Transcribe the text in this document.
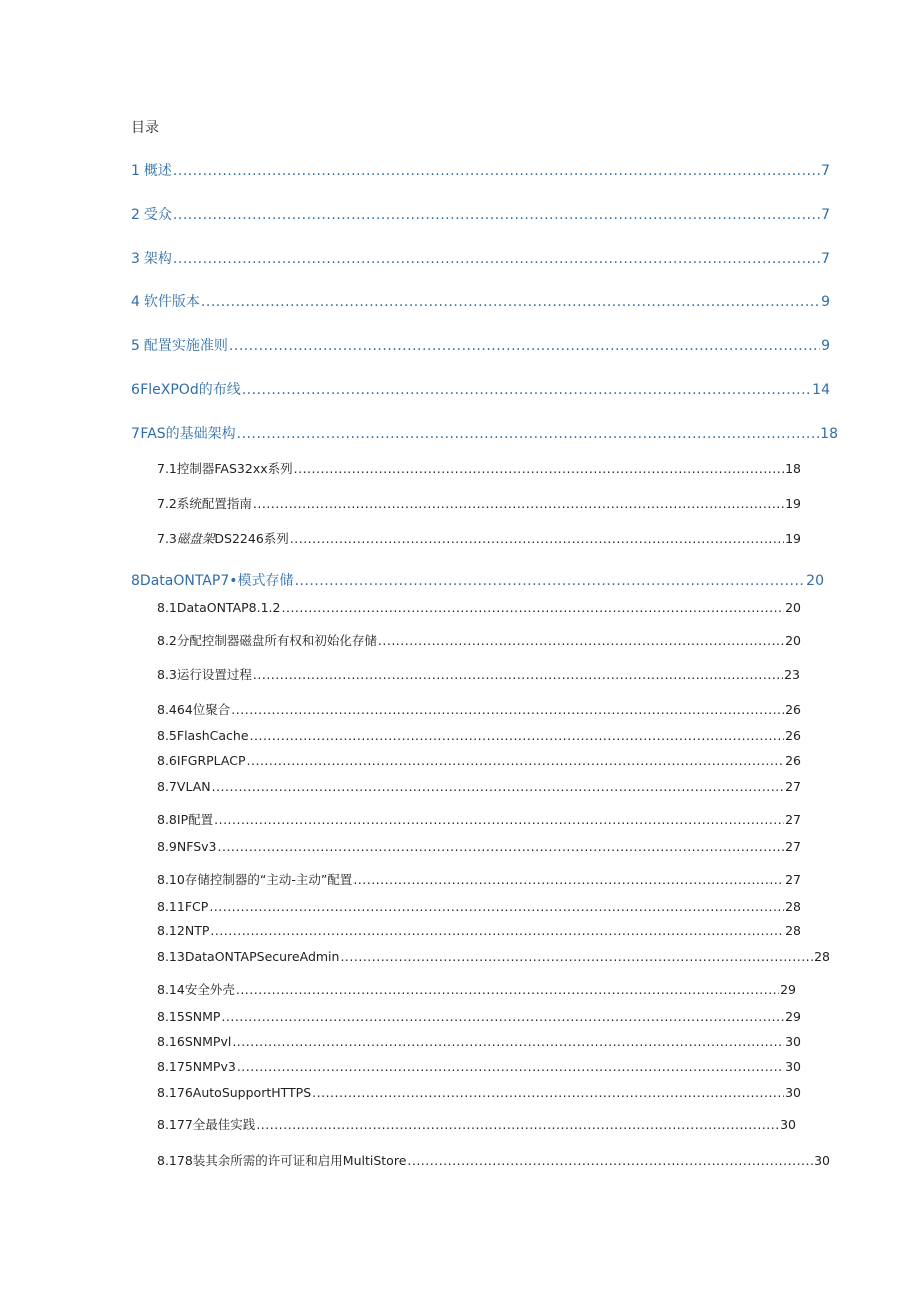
目录
1 概述 .....	7
2 受众 .....	7
3 架构 .....	7
4 软件版本 .....	9
5 配置实施准则 .....	9
6 FleXPOd的布线 .....	14
7 FAS的基础架构 .....	18
7.1 控制器FAS32xx系列 .....	18
7.2 系统配置指南 .....	19
7.3 磁盘架 DS2246系列 .....	19
8 DataONTAP7•模式存储 .....	20
8.1 DataONTAP8.1.2 .....	20
8.2 分配控制器磁盘所有权和初始化存储 .....	20
8.3 运行设置过程 .....	23
8.4 64位聚合 .....	26
8.5 FlashCache .....	26
8.6 IFGRPLACP .....	26
8.7 VLAN .....	27
8.8 IP配置 .....	27
8.9 NFSv3 .....	27
8.10 存储控制器的“主动-主动”配置 .....	27
8.11 FCP .....	28
8.12 NTP .....	28
8.13 DataONTAPSecureAdmin .....	28
8.14 安全外壳 .....	29
8.15 SNMP .....	29
8.16 SNMPvl .....	30
8.175 NMPv3 .....	30
8.176 AutoSupportHTTPS .....	30
8.177 全最佳实践 .....	30
8.178 装其余所需的许可证和启用MultiStore .....	30
